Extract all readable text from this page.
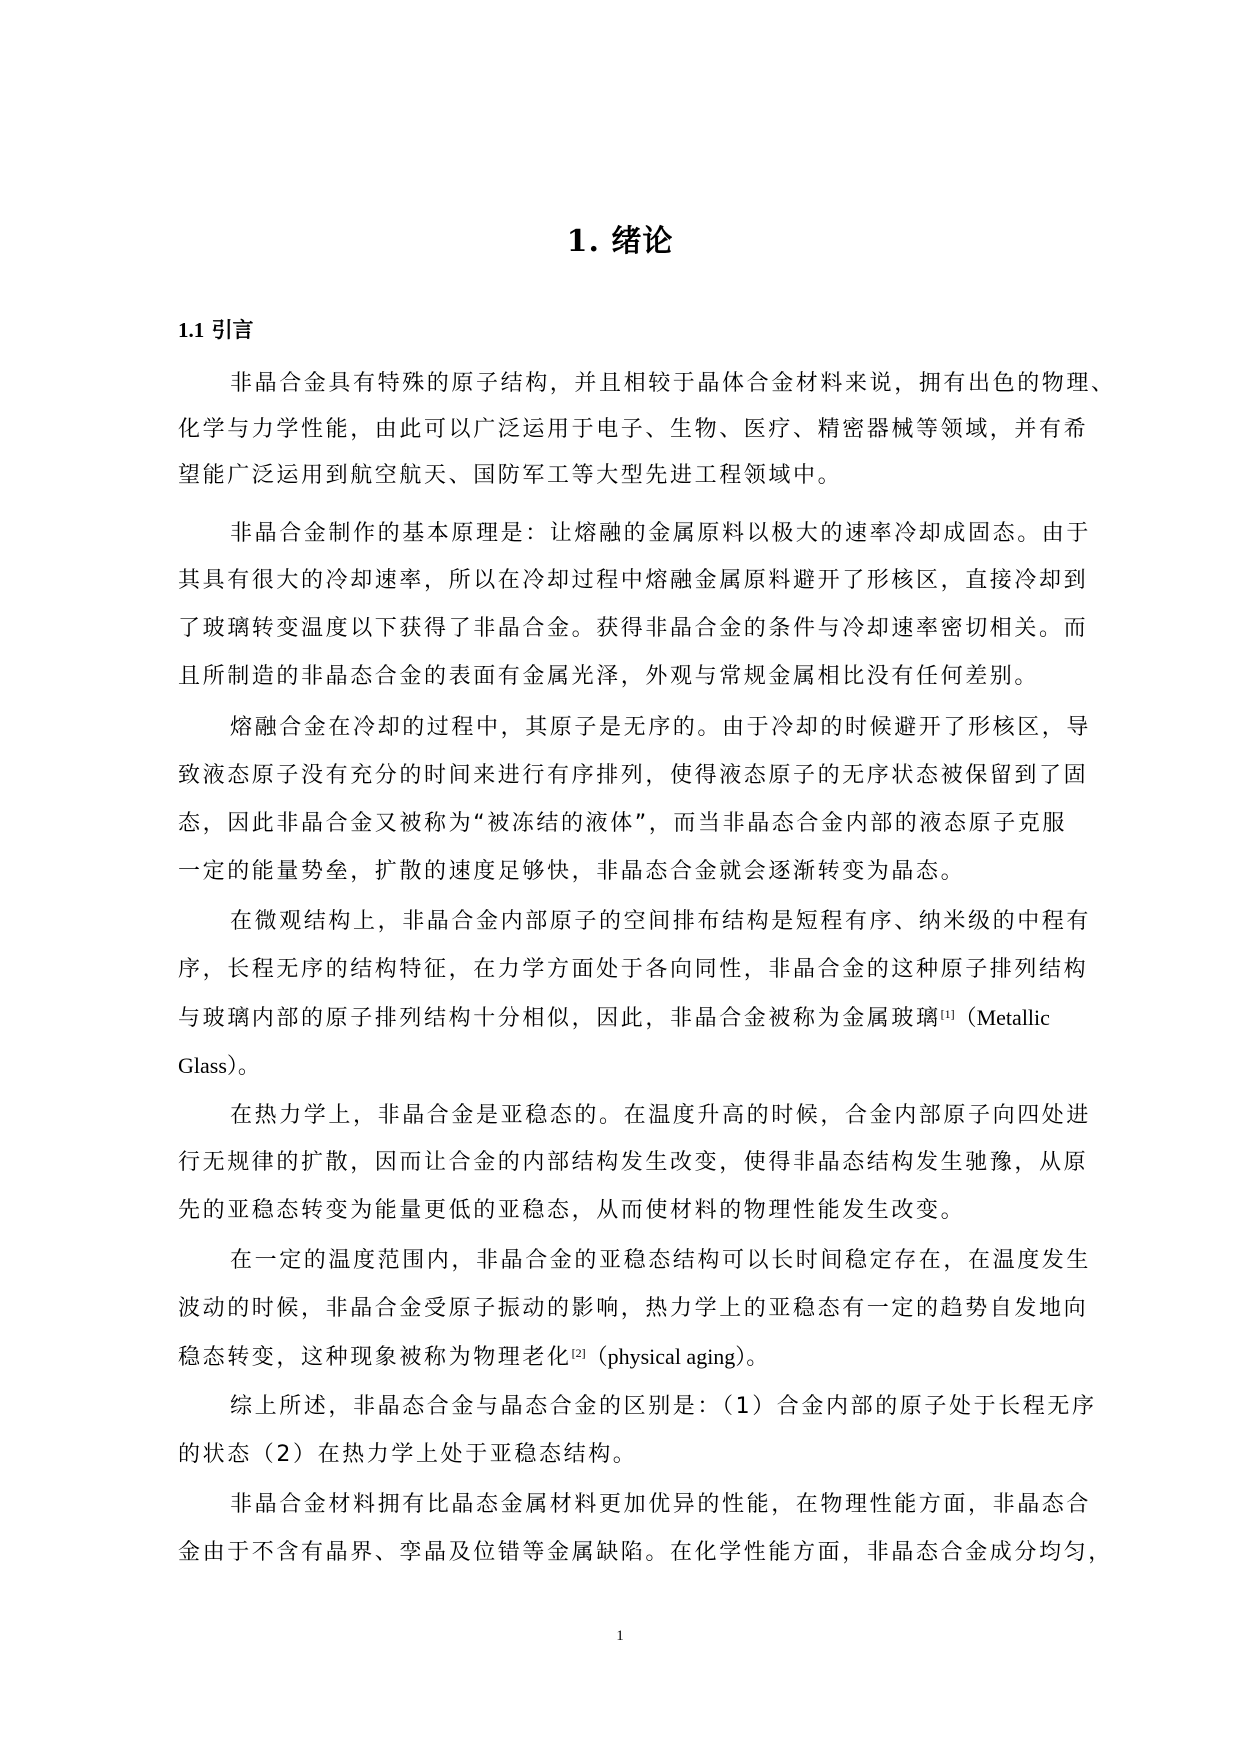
1. 绪论
1.1 引言
非晶合金具有特殊的原子结构，并且相较于晶体合金材料来说，拥有出色的物理、
化学与力学性能，由此可以广泛运用于电子、生物、医疗、精密器械等领域，并有希
望能广泛运用到航空航天、国防军工等大型先进工程领域中。
非晶合金制作的基本原理是：让熔融的金属原料以极大的速率冷却成固态。由于
其具有很大的冷却速率，所以在冷却过程中熔融金属原料避开了形核区，直接冷却到
了玻璃转变温度以下获得了非晶合金。获得非晶合金的条件与冷却速率密切相关。而
且所制造的非晶态合金的表面有金属光泽，外观与常规金属相比没有任何差别。
熔融合金在冷却的过程中，其原子是无序的。由于冷却的时候避开了形核区，导
致液态原子没有充分的时间来进行有序排列，使得液态原子的无序状态被保留到了固
态，因此非晶合金又被称为“被冻结的液体”，而当非晶态合金内部的液态原子克服
一定的能量势垒，扩散的速度足够快，非晶态合金就会逐渐转变为晶态。
在微观结构上，非晶合金内部原子的空间排布结构是短程有序、纳米级的中程有
序，长程无序的结构特征，在力学方面处于各向同性，非晶合金的这种原子排列结构
与玻璃内部的原子排列结构十分相似，因此，非晶合金被称为金属玻璃[1]（Metallic
Glass）。
在热力学上，非晶合金是亚稳态的。在温度升高的时候，合金内部原子向四处进
行无规律的扩散，因而让合金的内部结构发生改变，使得非晶态结构发生驰豫，从原
先的亚稳态转变为能量更低的亚稳态，从而使材料的物理性能发生改变。
在一定的温度范围内，非晶合金的亚稳态结构可以长时间稳定存在，在温度发生
波动的时候，非晶合金受原子振动的影响，热力学上的亚稳态有一定的趋势自发地向
稳态转变，这种现象被称为物理老化[2]（physical aging）。
综上所述，非晶态合金与晶态合金的区别是：（1）合金内部的原子处于长程无序
的状态（2）在热力学上处于亚稳态结构。
非晶合金材料拥有比晶态金属材料更加优异的性能，在物理性能方面，非晶态合
金由于不含有晶界、孪晶及位错等金属缺陷。在化学性能方面，非晶态合金成分均匀，
1
